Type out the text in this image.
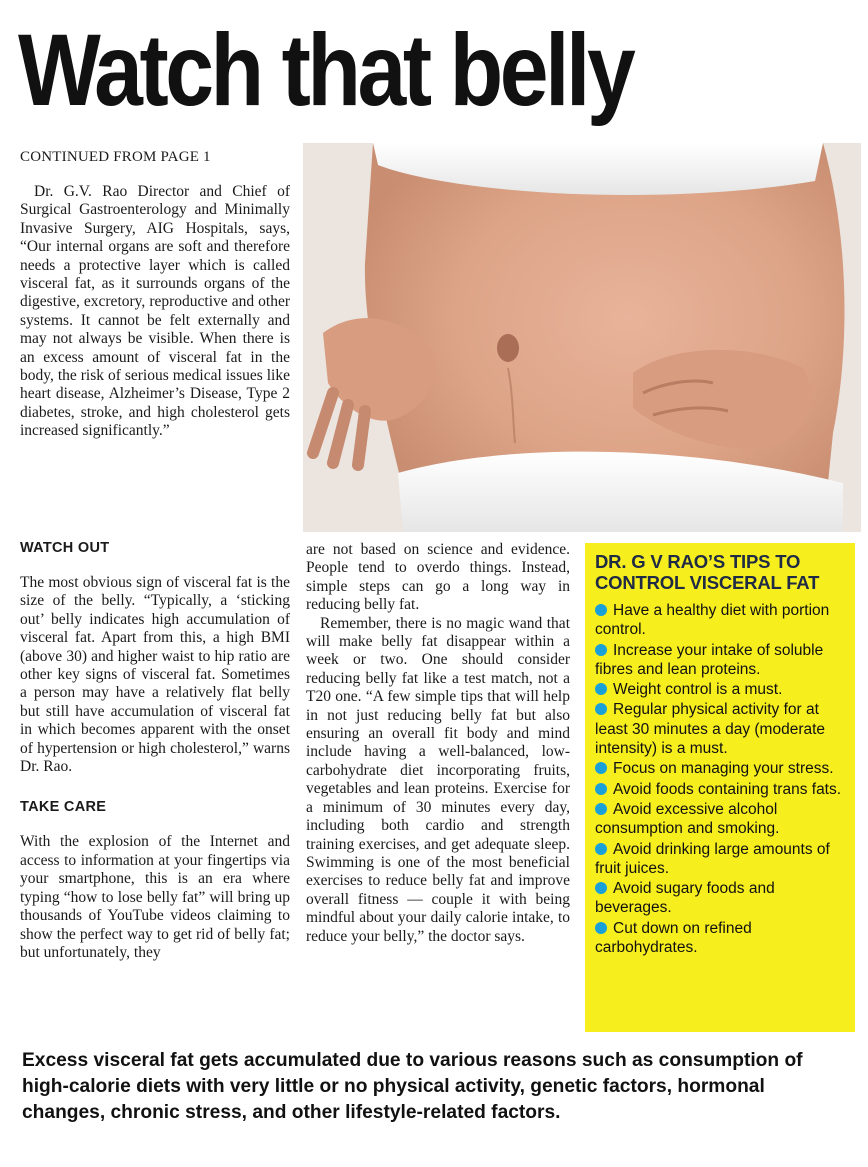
Watch that belly
CONTINUED FROM PAGE 1

Dr. G.V. Rao Director and Chief of Surgical Gastroenterology and Minimally Invasive Surgery, AIG Hospitals, says, “Our internal organs are soft and therefore needs a protective layer which is called visceral fat, as it surrounds organs of the digestive, excretory, reproductive and other systems. It cannot be felt externally and may not always be visible. When there is an excess amount of visceral fat in the body, the risk of serious medical issues like heart disease, Alzheimer’s Disease, Type 2 diabetes, stroke, and high cholesterol gets increased significantly.”

WATCH OUT

The most obvious sign of visceral fat is the size of the belly. “Typically, a ‘sticking out’ belly indicates high accumulation of visceral fat. Apart from this, a high BMI (above 30) and higher waist to hip ratio are other key signs of visceral fat. Sometimes a person may have a relatively flat belly but still have accumulation of visceral fat in which becomes apparent with the onset of hypertension or high cholesterol,” warns Dr. Rao.

TAKE CARE

With the explosion of the Internet and access to information at your fingertips via your smartphone, this is an era where typing “how to lose belly fat” will bring up thousands of YouTube videos claiming to show the perfect way to get rid of belly fat; but unfortunately, they

are not based on science and evidence. People tend to overdo things. Instead, simple steps can go a long way in reducing belly fat.

Remember, there is no magic wand that will make belly fat disappear within a week or two. One should consider reducing belly fat like a test match, not a T20 one. “A few simple tips that will help in not just reducing belly fat but also ensuring an overall fit body and mind include having a well-balanced, low-carbohydrate diet incorporating fruits, vegetables and lean proteins. Exercise for a minimum of 30 minutes every day, including both cardio and strength training exercises, and get adequate sleep. Swimming is one of the most beneficial exercises to reduce belly fat and improve overall fitness — couple it with being mindful about your daily calorie intake, to reduce your belly,” the doctor says.

DR. G V RAO’S TIPS TO CONTROL VISCERAL FAT
Have a healthy diet with portion control.
Increase your intake of soluble fibres and lean proteins.
Weight control is a must.
Regular physical activity for at least 30 minutes a day (moderate intensity) is a must.
Focus on managing your stress.
Avoid foods containing trans fats.
Avoid excessive alcohol consumption and smoking.
Avoid drinking large amounts of fruit juices.
Avoid sugary foods and beverages.
Cut down on refined carbohydrates.
Excess visceral fat gets accumulated due to various reasons such as consumption of high-calorie diets with very little or no physical activity, genetic factors, hormonal changes, chronic stress, and other lifestyle-related factors.
